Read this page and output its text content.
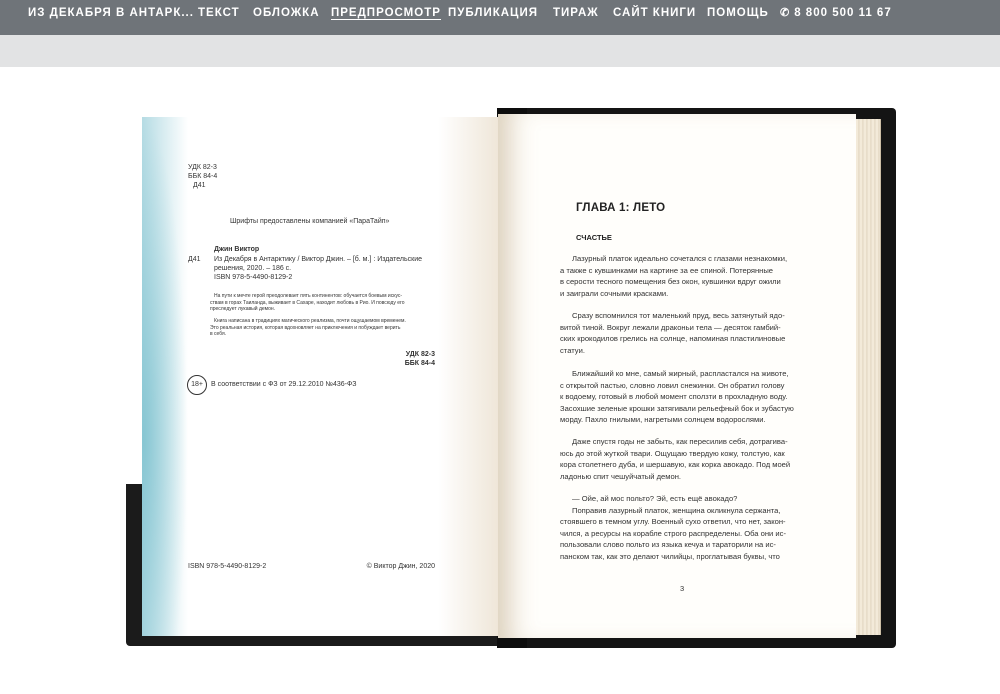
ИЗ ДЕКАБРЯ В АНТАРК... ТЕКСТ ОБЛОЖКА ПРЕДПРОСМОТР ПУБЛИКАЦИЯ ТИРАЖ САЙТ КНИГИ ПОМОЩЬ ✆ 8 800 500 11 67
УДК 82-3
ББК 84-4
Д41
Шрифты предоставлены компанией «ПараТайп»
Джин Виктор
Д41 Из Декабря в Антарктику / Виктор Джин. – [б. м.] : Издательские
решения, 2020. – 186 с.
ISBN 978-5-4490-8129-2
На пути к мечте герой преодолевает пять континентов: обучается боевым искус-
ствам в горах Таиланда, выживает в Сахаре, находит любовь в Рио. И повсюду его
преследует лукавый демон.
Книга написана в традициях магического реализма, почти ощущаемом временем.
Это реальная история, которая вдохновляет на приключения и побуждает верить
в себя.
УДК 82-3
ББК 84-4
18+	В соответствии с ФЗ от 29.12.2010 №436-ФЗ
ISBN 978-5-4490-8129-2	© Виктор Джин, 2020
ГЛАВА 1: ЛЕТО
СЧАСТЬЕ
Лазурный платок идеально сочетался с глазами незнакомки,
а также с кувшинками на картине за ее спиной. Потерянные
в серости тесного помещения без окон, кувшинки вдруг ожили
и заиграли сочными красками.
Сразу вспомнился тот маленький пруд, весь затянутый ядо-
витой тиной. Вокруг лежали драконьи тела — десяток гамбий-
ских крокодилов грелись на солнце, напоминая пластилиновые
статуи.
Ближайший ко мне, самый жирный, распластался на животе,
с открытой пастью, словно ловил снежинки. Он обратил голову
к водоему, готовый в любой момент сползти в прохладную воду.
Засохшие зеленые крошки затягивали рельефный бок и зубастую
морду. Пахло гнилыми, нагретыми солнцем водорослями.
Даже спустя годы не забыть, как пересилив себя, дотрагива-
юсь до этой жуткой твари. Ощущаю твердую кожу, толстую, как
кора столетнего дуба, и шершавую, как корка авокадо. Под моей
ладонью спит чешуйчатый демон.
— Ойе, ай мос польто? Эй, есть ещё авокадо?
Поправив лазурный платок, женщина окликнула сержанта,
стоявшего в темном углу. Военный сухо ответил, что нет, закон-
чился, а ресурсы на корабле строго распределены. Оба они ис-
пользовали слово польто из языка кечуа и тараторили на ис-
панском так, как это делают чилийцы, проглатывая буквы, что
3
